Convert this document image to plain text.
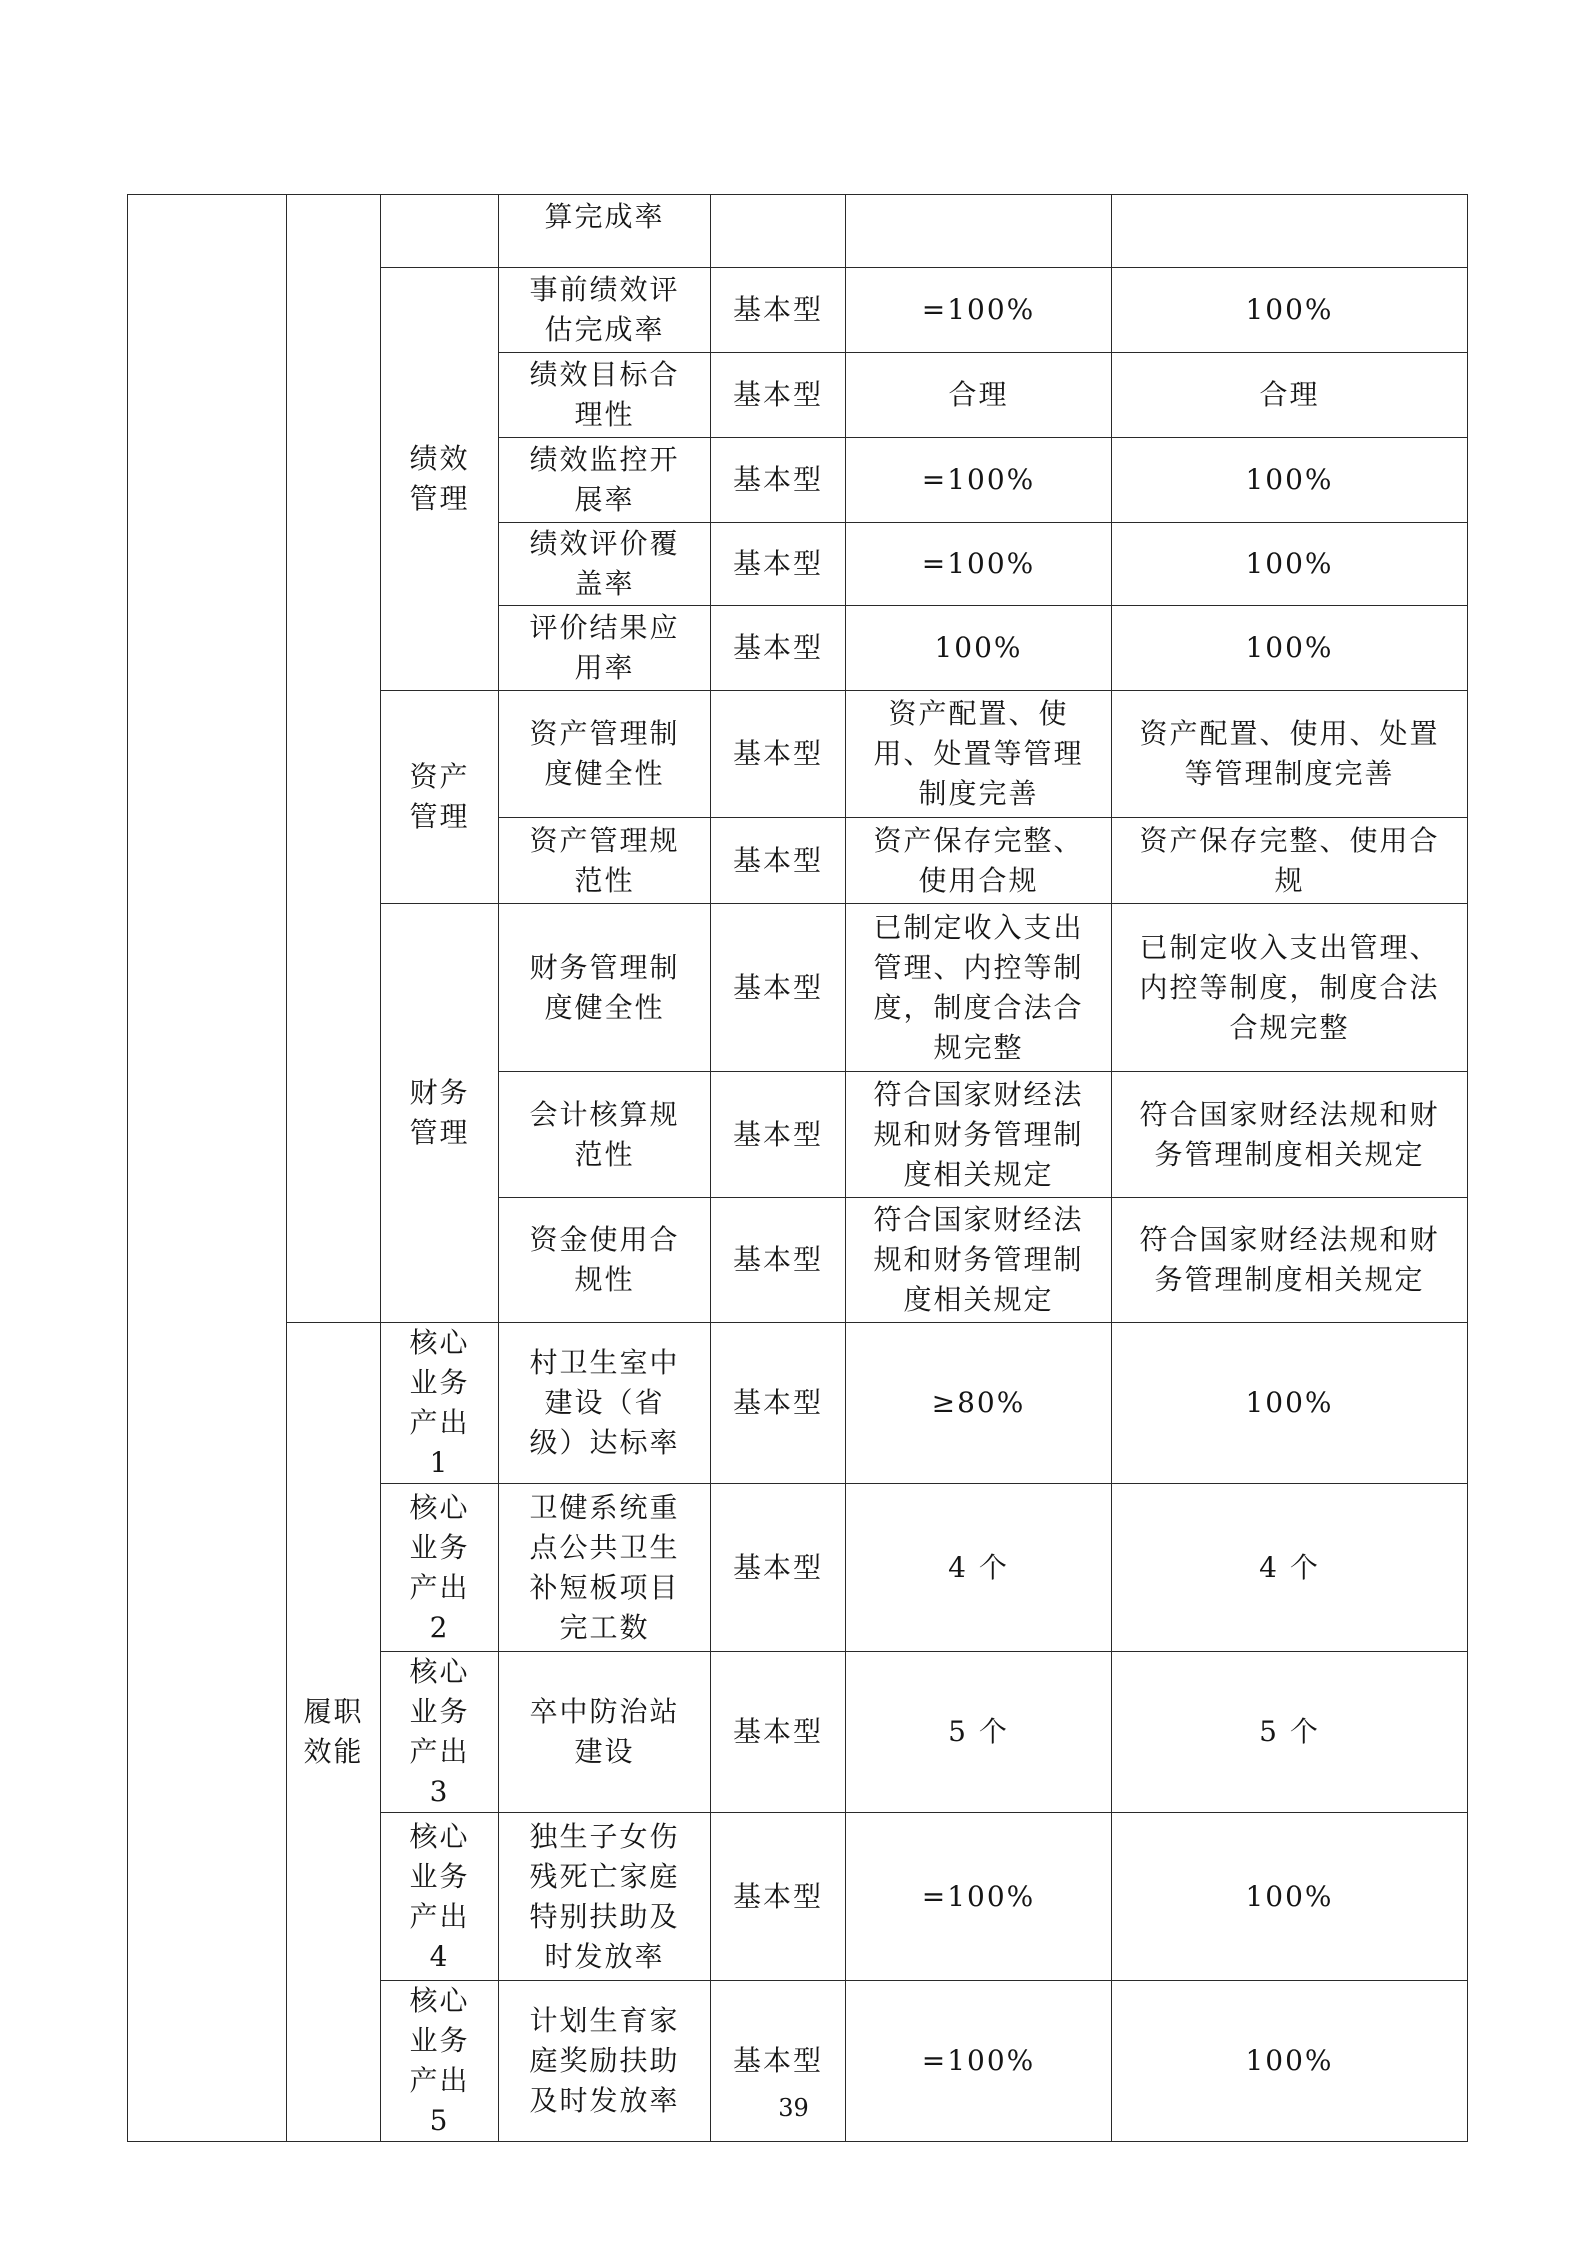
			算完成率			

		绩效管理	事前绩效评估完成率	基本型	=100%	100%

			绩效目标合理性	基本型	合理	合理

			绩效监控开展率	基本型	=100%	100%

			绩效评价覆盖率	基本型	=100%	100%

			评价结果应用率	基本型	100%	100%

		资产管理	资产管理制度健全性	基本型	资产配置、使用、处置等管理制度完善	资产配置、使用、处置等管理制度完善

			资产管理规范性	基本型	资产保存完整、使用合规	资产保存完整、使用合规

		财务管理	财务管理制度健全性	基本型	已制定收入支出管理、内控等制度，制度合法合规完整	已制定收入支出管理、内控等制度，制度合法合规完整

			会计核算规范性	基本型	符合国家财经法规和财务管理制度相关规定	符合国家财经法规和财务管理制度相关规定

			资金使用合规性	基本型	符合国家财经法规和财务管理制度相关规定	符合国家财经法规和财务管理制度相关规定

	履职效能	核心业务产出 1	村卫生室中建设（省级）达标率	基本型	≥80%	100%

		核心业务产出 2	卫健系统重点公共卫生补短板项目完工数	基本型	4 个	4 个

		核心业务产出 3	卒中防治站建设	基本型	5 个	5 个

		核心业务产出 4	独生子女伤残死亡家庭特别扶助及时发放率	基本型	=100%	100%

		核心业务产出 5	计划生育家庭奖励扶助及时发放率	基本型	=100%	100%
39
